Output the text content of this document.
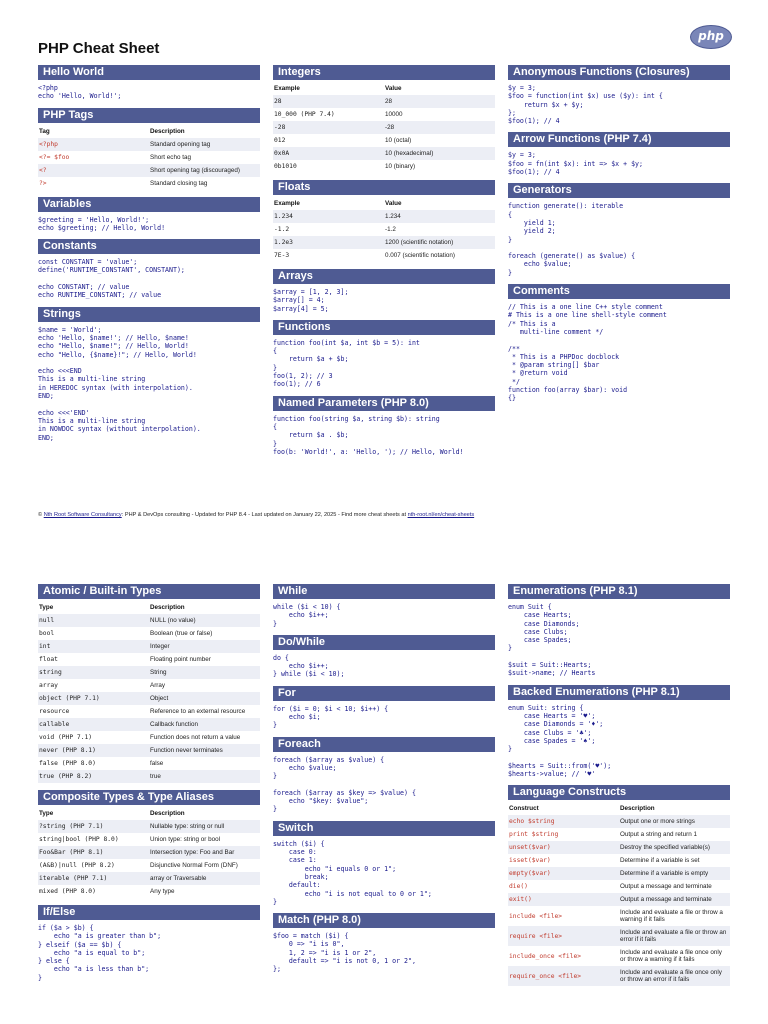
PHP Cheat Sheet
php
Hello World
<?php
echo 'Hello, World!';
PHP Tags
Tag	Description
<?php	Standard opening tag
<?= $foo	Short echo tag
<?	Short opening tag (discouraged)
?>	Standard closing tag
Variables
$greeting = 'Hello, World!';
echo $greeting; // Hello, World!
Constants
const CONSTANT = 'value';
define('RUNTIME_CONSTANT', CONSTANT);

echo CONSTANT; // value
echo RUNTIME_CONSTANT; // value
Strings
$name = 'World';
echo 'Hello, $name!'; // Hello, $name!
echo "Hello, $name!"; // Hello, World!
echo "Hello, {$name}!"; // Hello, World!

echo <<<END
This is a multi-line string
in HEREDOC syntax (with interpolation).
END;

echo <<<'END'
This is a multi-line string
in NOWDOC syntax (without interpolation).
END;
Integers
Example	Value
28	28
10_000 (PHP 7.4)	10000
-28	-28
012	10 (octal)
0x0A	10 (hexadecimal)
0b1010	10 (binary)
Floats
Example	Value
1.234	1.234
-1.2	-1.2
1.2e3	1200 (scientific notation)
7E-3	0.007 (scientific notation)
Arrays
$array = [1, 2, 3];
$array[] = 4;
$array[4] = 5;
Functions
function foo(int $a, int $b = 5): int
{
return $a + $b;
}
foo(1, 2); // 3
foo(1); // 6
Named Parameters (PHP 8.0)
function foo(string $a, string $b): string
{
return $a . $b;
}
foo(b: 'World!', a: 'Hello, '); // Hello, World!
Anonymous Functions (Closures)
$y = 3;
$foo = function(int $x) use ($y): int {
return $x + $y;
};
$foo(1); // 4
Arrow Functions (PHP 7.4)
$y = 3;
$foo = fn(int $x): int => $x + $y;
$foo(1); // 4
Generators
function generate(): iterable
{
yield 1;
yield 2;
}

foreach (generate() as $value) {
echo $value;
}
Comments
// This is a one line C++ style comment
# This is a one line shell-style comment
/* This is a
multi-line comment */

/**
* This is a PHPDoc docblock
* @param string[] $bar
* @return void
*/
function foo(array $bar): void
{}
© Nth Root Software Consultancy: PHP & DevOps consulting - Updated for PHP 8.4 - Last updated on January 22, 2025 - Find more cheat sheets at nth-root.nl/en/cheat-sheets
Atomic / Built-in Types
Type	Description
null	NULL (no value)
bool	Boolean (true or false)
int	Integer
float	Floating point number
string	String
array	Array
object (PHP 7.1)	Object
resource	Reference to an external resource
callable	Callback function
void (PHP 7.1)	Function does not return a value
never (PHP 8.1)	Function never terminates
false (PHP 8.0)	false
true (PHP 8.2)	true
Composite Types & Type Aliases
Type	Description
?string (PHP 7.1)	Nullable type: string or null
string|bool (PHP 8.0)	Union type: string or bool
Foo&Bar (PHP 8.1)	Intersection type: Foo and Bar
(A&B)|null (PHP 8.2)	Disjunctive Normal Form (DNF)
iterable (PHP 7.1)	array or Traversable
mixed (PHP 8.0)	Any type
If/Else
if ($a > $b) {
echo "a is greater than b";
} elseif ($a == $b) {
echo "a is equal to b";
} else {
echo "a is less than b";
}
While
while ($i < 10) {
echo $i++;
}
Do/While
do {
echo $i++;
} while ($i < 10);
For
for ($i = 0; $i < 10; $i++) {
echo $i;
}
Foreach
foreach ($array as $value) {
echo $value;
}

foreach ($array as $key => $value) {
echo "$key: $value";
}
Switch
switch ($i) {
case 0:
case 1:
echo "i equals 0 or 1";
break;
default:
echo "i is not equal to 0 or 1";
}
Match (PHP 8.0)
$foo = match ($i) {
0 => "i is 0",
1, 2 => "i is 1 or 2",
default => "i is not 0, 1 or 2",
};
Enumerations (PHP 8.1)
enum Suit {
case Hearts;
case Diamonds;
case Clubs;
case Spades;
}

$suit = Suit::Hearts;
$suit->name; // Hearts
Backed Enumerations (PHP 8.1)
enum Suit: string {
case Hearts = '♥';
case Diamonds = '♦';
case Clubs = '♣';
case Spades = '♠';
}

$hearts = Suit::from('♥');
$hearts->value; // '♥'
Language Constructs
Construct	Description
echo $string	Output one or more strings
print $string	Output a string and return 1
unset($var)	Destroy the specified variable(s)
isset($var)	Determine if a variable is set
empty($var)	Determine if a variable is empty
die()	Output a message and terminate
exit()	Output a message and terminate
include <file>	Include and evaluate a file or throw a warning if it fails
require <file>	Include and evaluate a file or throw an error if it fails
include_once <file>	Include and evaluate a file once only or throw a warning if it fails
require_once <file>	Include and evaluate a file once only or throw an error if it fails
